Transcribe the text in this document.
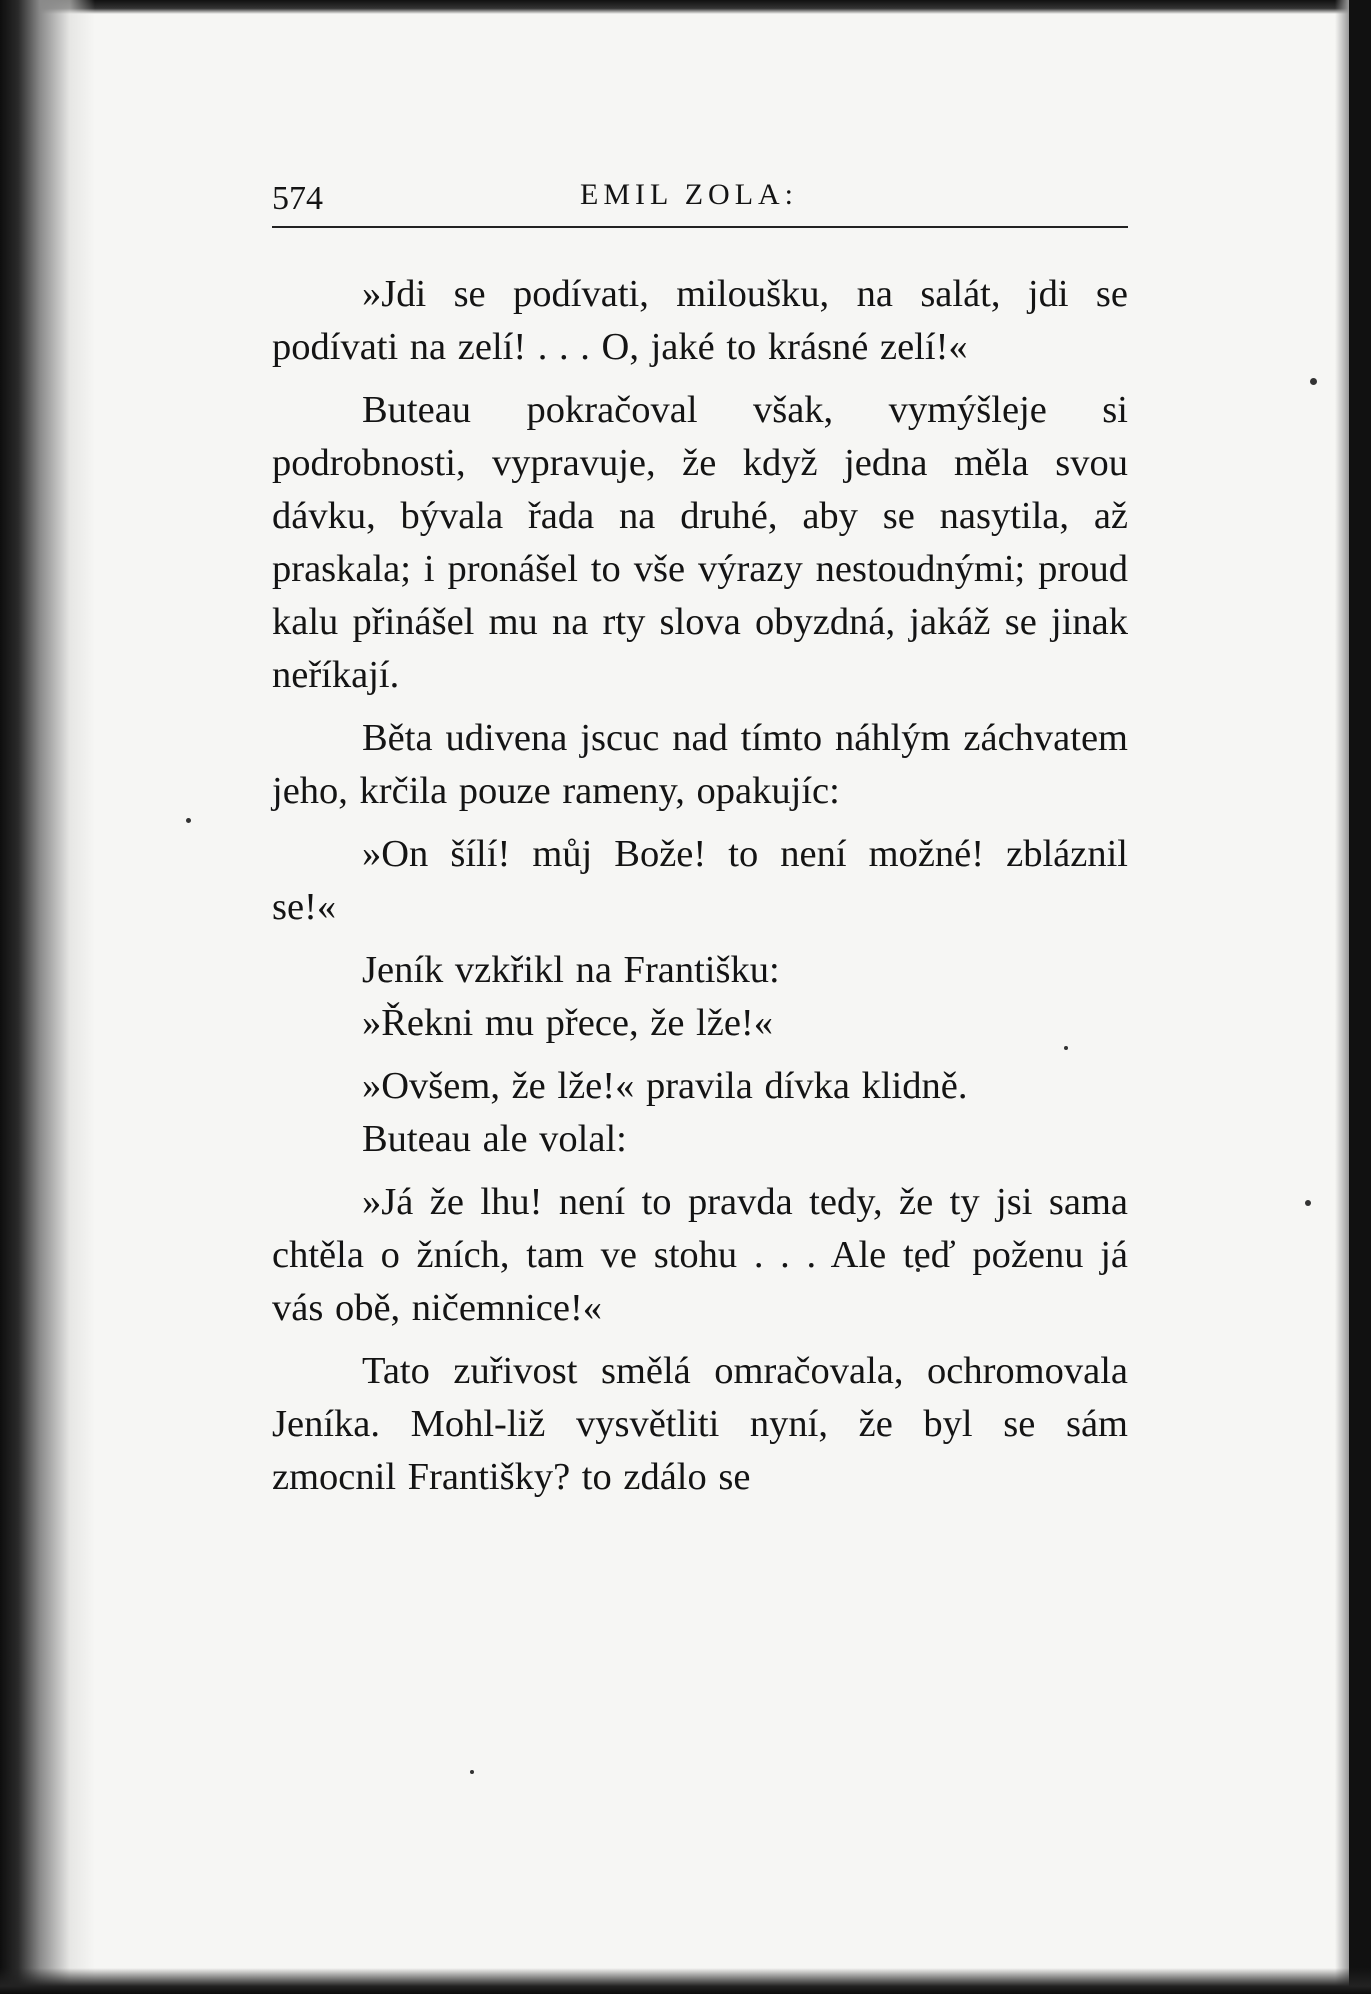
574	EMIL ZOLA:

»Jdi se podívati, miloušku, na salát, jdi se podívati na zelí! . . . O, jaké to krásné zelí!«

Buteau pokračoval však, vymýšleje si podrobnosti, vypravuje, že když jedna měla svou dávku, bývala řada na druhé, aby se nasytila, až praskala; i pronášel to vše výrazy nestoudnými; proud kalu přinášel mu na rty slova obyzdná, jakáž se jinak neříkají.

Běta udivena jscuc nad tímto náhlým záchvatem jeho, krčila pouze rameny, opakujíc:

»On šílí! můj Bože! to není možné! zbláznil se!«

Jeník vzkřikl na Františku:

»Řekni mu přece, že lže!«

»Ovšem, že lže!« pravila dívka klidně.

Buteau ale volal:

»Já že lhu! není to pravda tedy, že ty jsi sama chtěla o žních, tam ve stohu . . . Ale teď poženu já vás obě, ničemnice!«

Tato zuřivost smělá omračovala, ochromovala Jeníka. Mohl-liž vysvětliti nyní, že byl se sám zmocnil Františky? to zdálo se
